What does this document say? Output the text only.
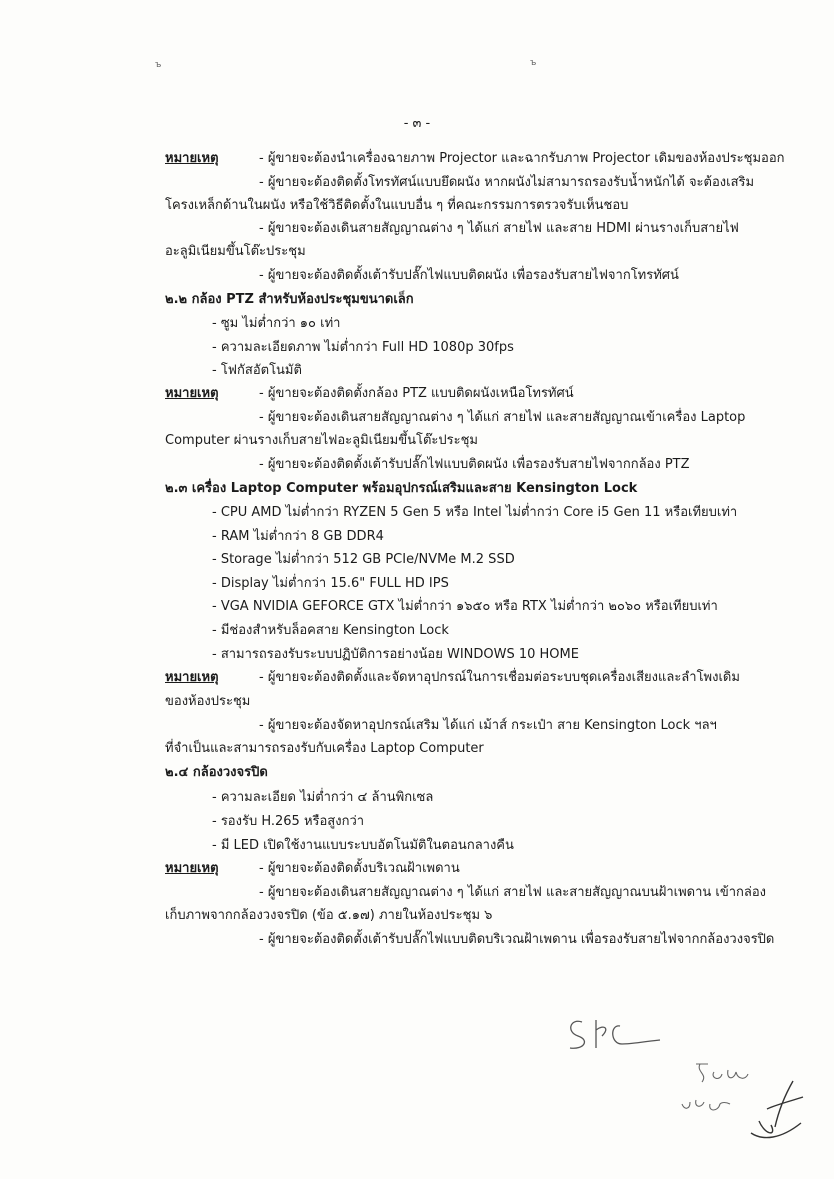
ъ	ъ
- ๓ -
หมายเหตุ	- ผู้ขายจะต้องนำเครื่องฉายภาพ Projector และฉากรับภาพ Projector เดิมของห้องประชุมออก
- ผู้ขายจะต้องติดตั้งโทรทัศน์แบบยึดผนัง หากผนังไม่สามารถรองรับน้ำหนักได้ จะต้องเสริม
โครงเหล็กด้านในผนัง หรือใช้วิธีติดตั้งในแบบอื่น ๆ ที่คณะกรรมการตรวจรับเห็นชอบ
- ผู้ขายจะต้องเดินสายสัญญาณต่าง ๆ ได้แก่ สายไฟ และสาย HDMI ผ่านรางเก็บสายไฟ
อะลูมิเนียมขึ้นโต๊ะประชุม
- ผู้ขายจะต้องติดตั้งเต้ารับปลั๊กไฟแบบติดผนัง เพื่อรองรับสายไฟจากโทรทัศน์
๒.๒ กล้อง PTZ สำหรับห้องประชุมขนาดเล็ก
- ซูม ไม่ต่ำกว่า ๑๐ เท่า
- ความละเอียดภาพ ไม่ต่ำกว่า Full HD 1080p 30fps
- โฟกัสอัตโนมัติ
หมายเหตุ	- ผู้ขายจะต้องติดตั้งกล้อง PTZ แบบติดผนังเหนือโทรทัศน์
- ผู้ขายจะต้องเดินสายสัญญาณต่าง ๆ ได้แก่ สายไฟ และสายสัญญาณเข้าเครื่อง Laptop
Computer ผ่านรางเก็บสายไฟอะลูมิเนียมขึ้นโต๊ะประชุม
- ผู้ขายจะต้องติดตั้งเต้ารับปลั๊กไฟแบบติดผนัง เพื่อรองรับสายไฟจากกล้อง PTZ
๒.๓ เครื่อง Laptop Computer พร้อมอุปกรณ์เสริมและสาย Kensington Lock
- CPU AMD ไม่ต่ำกว่า RYZEN 5 Gen 5 หรือ Intel ไม่ต่ำกว่า Core i5 Gen 11 หรือเทียบเท่า
- RAM ไม่ต่ำกว่า 8 GB DDR4
- Storage ไม่ต่ำกว่า 512 GB PCIe/NVMe M.2 SSD
- Display ไม่ต่ำกว่า 15.6" FULL HD IPS
- VGA NVIDIA GEFORCE GTX ไม่ต่ำกว่า ๑๖๕๐ หรือ RTX ไม่ต่ำกว่า ๒๐๖๐ หรือเทียบเท่า
- มีช่องสำหรับล็อคสาย Kensington Lock
- สามารถรองรับระบบปฏิบัติการอย่างน้อย WINDOWS 10 HOME
หมายเหตุ	- ผู้ขายจะต้องติดตั้งและจัดหาอุปกรณ์ในการเชื่อมต่อระบบชุดเครื่องเสียงและลำโพงเดิม
ของห้องประชุม
- ผู้ขายจะต้องจัดหาอุปกรณ์เสริม ได้แก่ เม้าส์ กระเป๋า สาย Kensington Lock ฯลฯ
ที่จำเป็นและสามารถรองรับกับเครื่อง Laptop Computer
๒.๔ กล้องวงจรปิด
- ความละเอียด ไม่ต่ำกว่า ๔ ล้านพิกเซล
- รองรับ H.265 หรือสูงกว่า
- มี LED เปิดใช้งานแบบระบบอัตโนมัติในตอนกลางคืน
หมายเหตุ	- ผู้ขายจะต้องติดตั้งบริเวณฝ้าเพดาน
- ผู้ขายจะต้องเดินสายสัญญาณต่าง ๆ ได้แก่ สายไฟ และสายสัญญาณบนฝ้าเพดาน เข้ากล่อง
เก็บภาพจากกล้องวงจรปิด (ข้อ ๕.๑๗) ภายในห้องประชุม ๖
- ผู้ขายจะต้องติดตั้งเต้ารับปลั๊กไฟแบบติดบริเวณฝ้าเพดาน เพื่อรองรับสายไฟจากกล้องวงจรปิด
